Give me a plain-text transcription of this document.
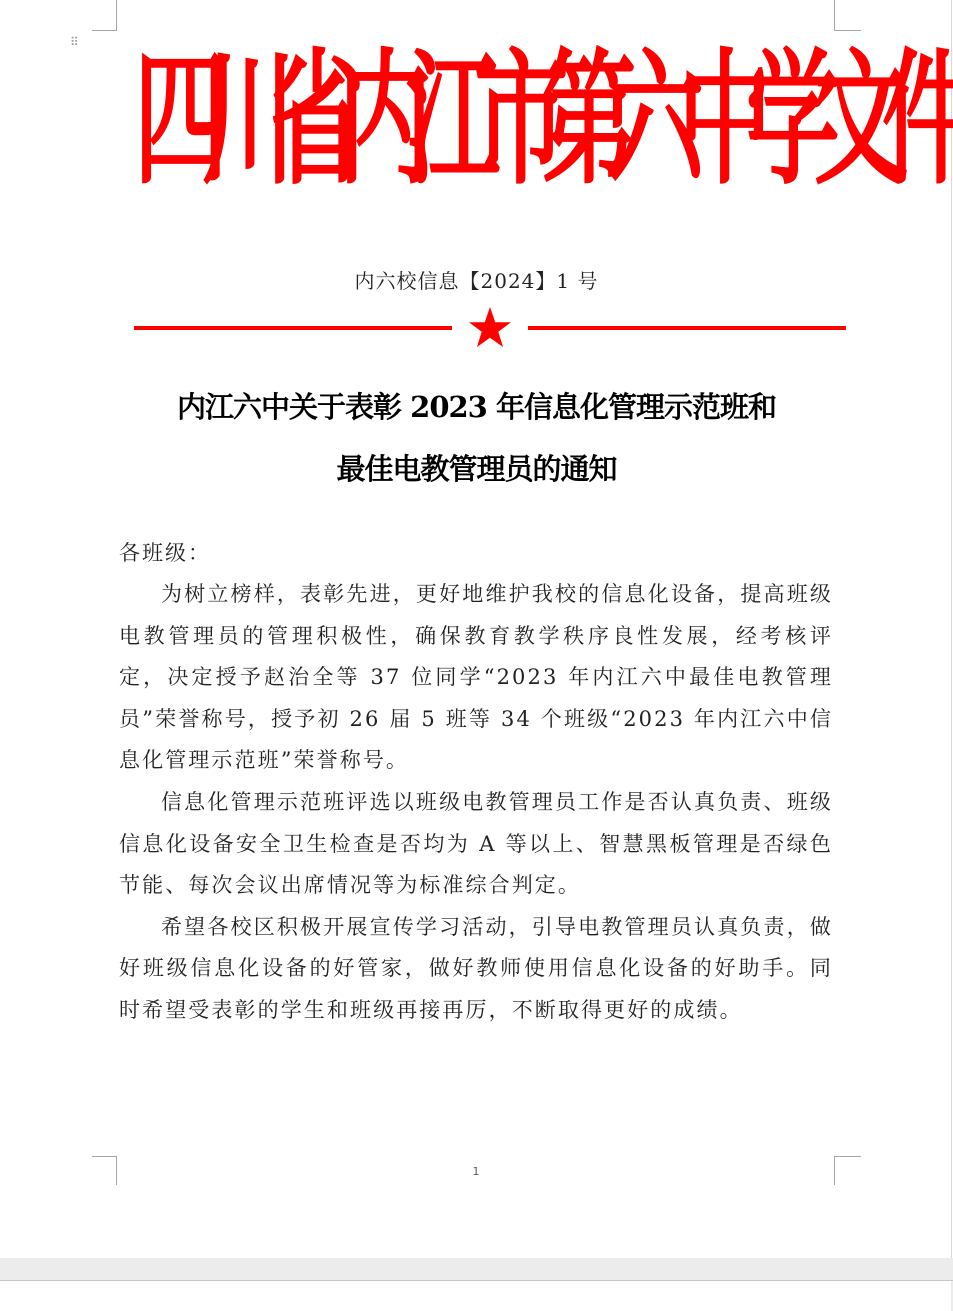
⠿ 四川省内江市第六中学文件
内六校信息【2024】1 号
内江六中关于表彰 2023 年信息化管理示范班和
最佳电教管理员的通知

各班级：

为树立榜样，表彰先进，更好地维护我校的信息化设备，提高班级电教管理员的管理积极性，确保教育教学秩序良性发展，经考核评定，决定授予赵治全等 37 位同学“2023 年内江六中最佳电教管理员”荣誉称号，授予初 26 届 5 班等 34 个班级“2023 年内江六中信息化管理示范班”荣誉称号。

信息化管理示范班评选以班级电教管理员工作是否认真负责、班级信息化设备安全卫生检查是否均为 A 等以上、智慧黑板管理是否绿色节能、每次会议出席情况等为标准综合判定。

希望各校区积极开展宣传学习活动，引导电教管理员认真负责，做好班级信息化设备的好管家，做好教师使用信息化设备的好助手。同时希望受表彰的学生和班级再接再厉，不断取得更好的成绩。

1
